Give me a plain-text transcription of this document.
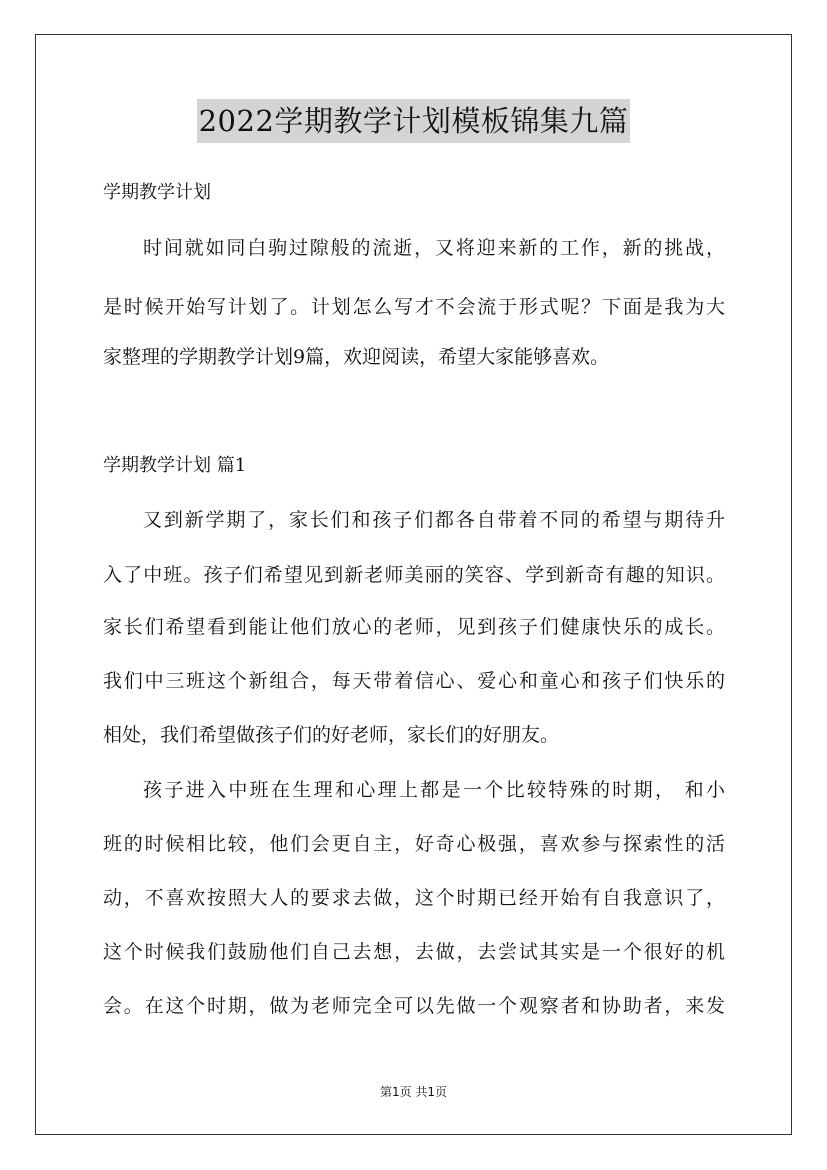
2022学期教学计划模板锦集九篇
学期教学计划
时间就如同白驹过隙般的流逝，又将迎来新的工作，新的挑战，
是时候开始写计划了。计划怎么写才不会流于形式呢？下面是我为大
家整理的学期教学计划9篇，欢迎阅读，希望大家能够喜欢。
学期教学计划 篇1
又到新学期了，家长们和孩子们都各自带着不同的希望与期待升
入了中班。孩子们希望见到新老师美丽的笑容、学到新奇有趣的知识。
家长们希望看到能让他们放心的老师，见到孩子们健康快乐的成长。
我们中三班这个新组合，每天带着信心、爱心和童心和孩子们快乐的
相处，我们希望做孩子们的好老师，家长们的好朋友。
孩子进入中班在生理和心理上都是一个比较特殊的时期， 和小
班的时候相比较，他们会更自主，好奇心极强，喜欢参与探索性的活
动，不喜欢按照大人的要求去做，这个时期已经开始有自我意识了，
这个时候我们鼓励他们自己去想，去做，去尝试其实是一个很好的机
会。在这个时期，做为老师完全可以先做一个观察者和协助者，来发
第1页 共1页
